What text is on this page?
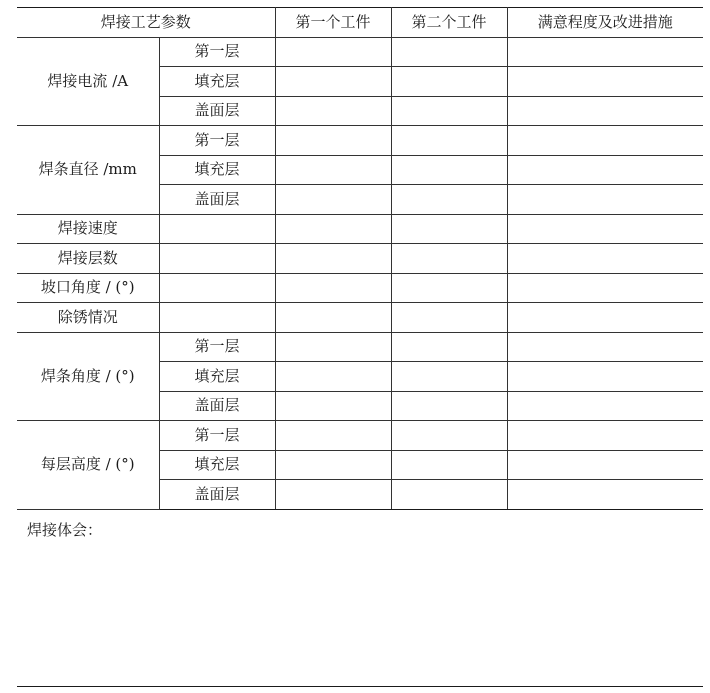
焊接工艺参数		第一个工件	第二个工件	满意程度及改进措施
焊接电流 /A	第一层			
	填充层			
	盖面层			
焊条直径 /mm	第一层			
	填充层			
	盖面层			
焊接速度				
焊接层数				
坡口角度 / (°)				
除锈情况				
焊条角度 / (°)	第一层			
	填充层			
	盖面层			
每层高度 / (°)	第一层			
	填充层			
	盖面层			
焊接体会：
